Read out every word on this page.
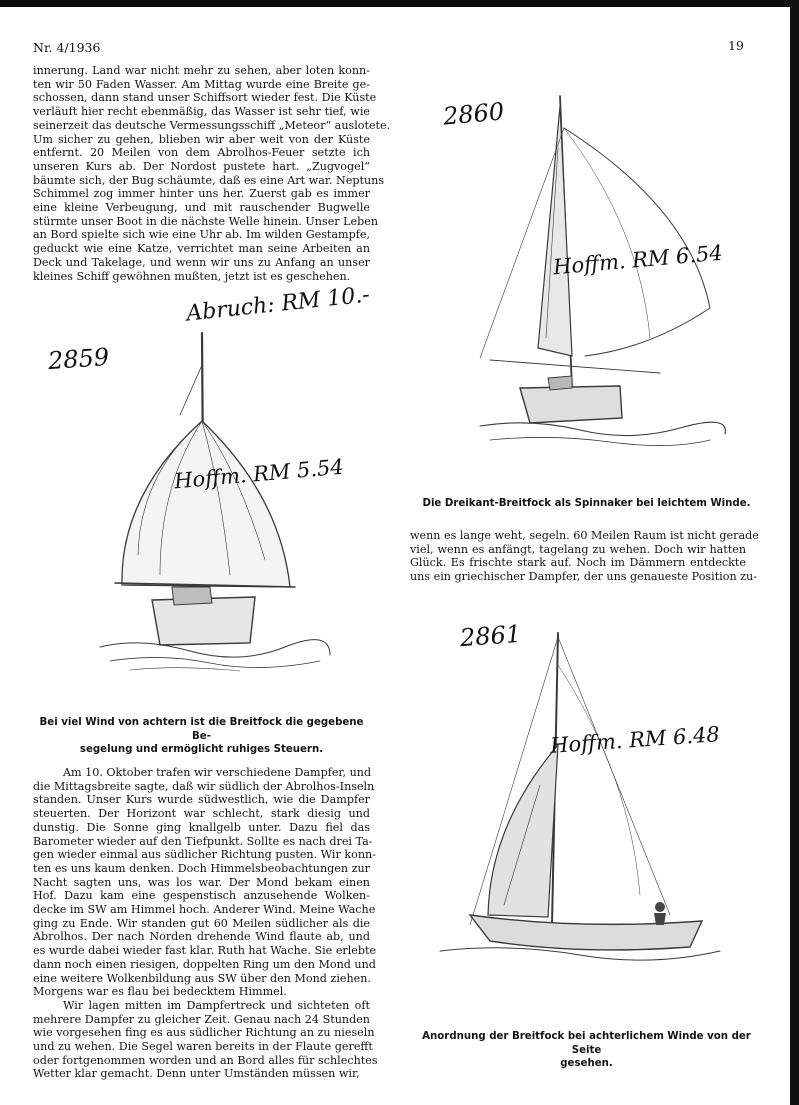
Nr. 4/1936	19
innerung. Land war nicht mehr zu sehen, aber loten konn-
ten wir 50 Faden Wasser. Am Mittag wurde eine Breite ge-
schossen, dann stand unser Schiffsort wieder fest. Die Küste
verläuft hier recht ebenmäßig, das Wasser ist sehr tief, wie
seinerzeit das deutsche Vermessungsschiff „Meteor“ auslotete.
Um sicher zu gehen, blieben wir aber weit von der Küste
entfernt. 20 Meilen von dem Abrolhos-Feuer setzte ich
unseren Kurs ab. Der Nordost pustete hart. „Zugvogel“
bäumte sich, der Bug schäumte, daß es eine Art war. Neptuns
Schimmel zog immer hinter uns her. Zuerst gab es immer
eine kleine Verbeugung, und mit rauschender Bugwelle
stürmte unser Boot in die nächste Welle hinein. Unser Leben
an Bord spielte sich wie eine Uhr ab. Im wilden Gestampfe,
geduckt wie eine Katze, verrichtet man seine Arbeiten an
Deck und Takelage, und wenn wir uns zu Anfang an unser
kleines Schiff gewöhnen mußten, jetzt ist es geschehen.
2859
Abruch: RM 10.-
Hoffm. RM 5.54
Bei viel Wind von achtern ist die Breitfock die gegebene Be-
segelung und ermöglicht ruhiges Steuern.
Am 10. Oktober trafen wir verschiedene Dampfer, und
die Mittagsbreite sagte, daß wir südlich der Abrolhos-Inseln
standen. Unser Kurs wurde südwestlich, wie die Dampfer
steuerten. Der Horizont war schlecht, stark diesig und
dunstig. Die Sonne ging knallgelb unter. Dazu fiel das
Barometer wieder auf den Tiefpunkt. Sollte es nach drei Ta-
gen wieder einmal aus südlicher Richtung pusten. Wir konn-
ten es uns kaum denken. Doch Himmelsbeobachtungen zur
Nacht sagten uns, was los war. Der Mond bekam einen
Hof. Dazu kam eine gespenstisch anzusehende Wolken-
decke im SW am Himmel hoch. Anderer Wind. Meine Wache
ging zu Ende. Wir standen gut 60 Meilen südlicher als die
Abrolhos. Der nach Norden drehende Wind flaute ab, und
es wurde dabei wieder fast klar. Ruth hat Wache. Sie erlebte
dann noch einen riesigen, doppelten Ring um den Mond und
eine weitere Wolkenbildung aus SW über den Mond ziehen.
Morgens war es flau bei bedecktem Himmel.
Wir lagen mitten im Dampfertreck und sichteten oft
mehrere Dampfer zu gleicher Zeit. Genau nach 24 Stunden
wie vorgesehen fing es aus südlicher Richtung an zu nieseln
und zu wehen. Die Segel waren bereits in der Flaute gerefft
oder fortgenommen worden und an Bord alles für schlechtes
Wetter klar gemacht. Denn unter Umständen müssen wir,
2860
Hoffm. RM 6.54
Die Dreikant-Breitfock als Spinnaker bei leichtem Winde.
wenn es lange weht, segeln. 60 Meilen Raum ist nicht gerade
viel, wenn es anfängt, tagelang zu wehen. Doch wir hatten
Glück. Es frischte stark auf. Noch im Dämmern entdeckte
uns ein griechischer Dampfer, der uns genaueste Position zu-
2861
Hoffm. RM 6.48
Anordnung der Breitfock bei achterlichem Winde von der Seite
gesehen.
